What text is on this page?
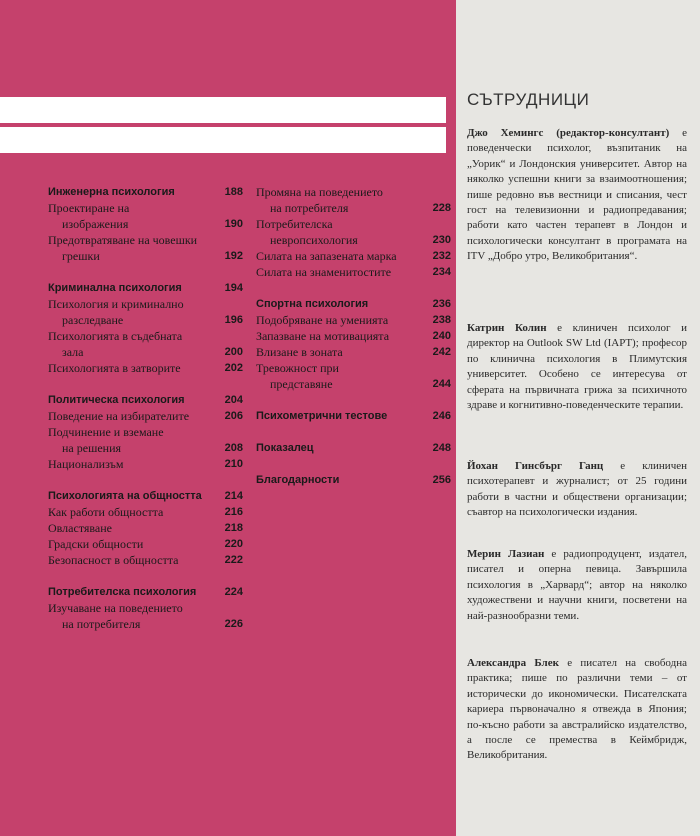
Инженерна психология	188
Проектиране на
изображения	190
Предотвратяване на човешки
грешки	192
Криминална психология	194
Психология и криминално
разследване	196
Психологията в съдебната
зала	200
Психологията в затворите	202
Политическа психология	204
Поведение на избирателите	206
Подчинение и вземане
на решения	208
Национализъм	210
Психологията на общността	214
Как работи общността	216
Овластяване	218
Градски общности	220
Безопасност в общността	222
Потребителска психология	224
Изучаване на поведението
на потребителя	226
Промяна на поведението
на потребителя	228
Потребителска
невропсихология	230
Силата на запазената марка	232
Силата на знаменитостите	234
Спортна психология	236
Подобряване на уменията	238
Запазване на мотивацията	240
Влизане в зоната	242
Тревожност при
представяне	244
Психометрични тестове	246
Показалец	248
Благодарности	256
СЪТРУДНИЦИ
Джо Хемингс (редактор-консултант) е поведенчески психолог, възпитаник на „Уорик“ и Лондонския университет. Автор на няколко успешни книги за взаимоотношения; пише редовно във вестници и списания, чест гост на телевизионни и радиопредавания; работи като частен терапевт в Лондон и психологически консултант в програмата на ITV „Добро утро, Великобритания“.
Катрин Колин е клиничен психолог и директор на Outlook SW Ltd (IAPT); професор по клинична психология в Плимутския университет. Особено се интересува от сферата на първичната грижа за психичното здраве и когнитивно-поведенческите терапии.
Йохан Гинсбърг Ганц е клиничен психотерапевт и журналист; от 25 години работи в частни и обществени организации; съавтор на психологически издания.
Мерин Лазиан е радиопродуцент, издател, писател и оперна певица. Завършила психология в „Харвард“; автор на няколко художествени и научни книги, посветени на най-разнообразни теми.
Александра Блек е писател на свободна практика; пише по различни теми – от исторически до икономически. Писателската кариера първоначално я отвежда в Япония; по-късно работи за австралийско издателство, а после се премества в Кеймбридж, Великобритания.
